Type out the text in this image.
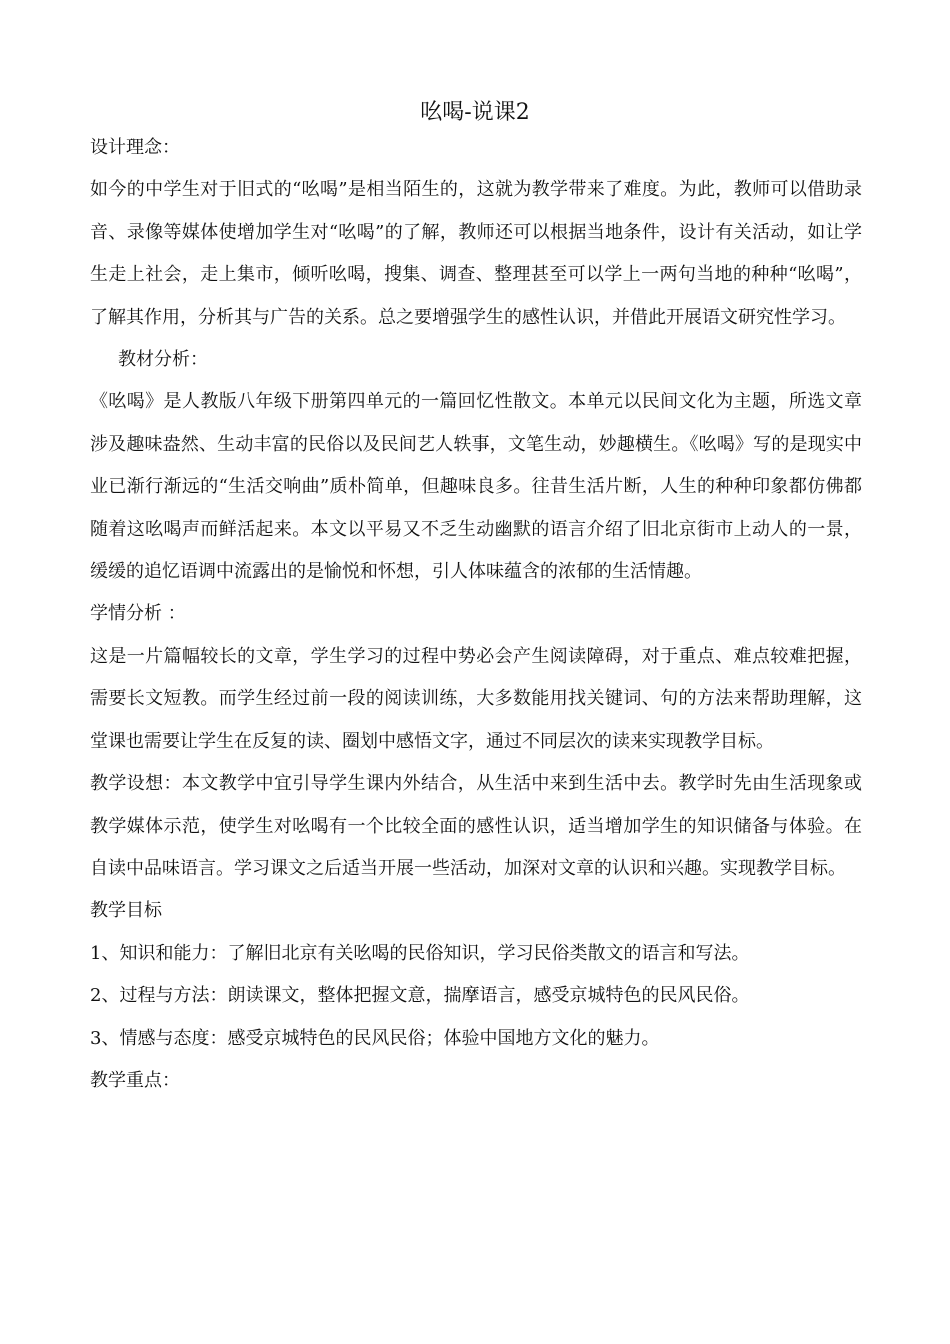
吆喝-说课2

设计理念：

如今的中学生对于旧式的“吆喝”是相当陌生的，这就为教学带来了难度。为此，教师可以借助录音、录像等媒体使增加学生对“吆喝”的了解，教师还可以根据当地条件，设计有关活动，如让学生走上社会，走上集市，倾听吆喝，搜集、调查、整理甚至可以学上一两句当地的种种“吆喝”，了解其作用，分析其与广告的关系。总之要增强学生的感性认识，并借此开展语文研究性学习。

教材分析：

《吆喝》是人教版八年级下册第四单元的一篇回忆性散文。本单元以民间文化为主题，所选文章涉及趣味盎然、生动丰富的民俗以及民间艺人轶事，文笔生动，妙趣横生。《吆喝》写的是现实中业已渐行渐远的“生活交响曲”质朴简单，但趣味良多。往昔生活片断，人生的种种印象都仿佛都随着这吆喝声而鲜活起来。本文以平易又不乏生动幽默的语言介绍了旧北京街市上动人的一景，缓缓的追忆语调中流露出的是愉悦和怀想，引人体味蕴含的浓郁的生活情趣。

学情分析 ：

这是一片篇幅较长的文章，学生学习的过程中势必会产生阅读障碍，对于重点、难点较难把握，需要长文短教。而学生经过前一段的阅读训练，大多数能用找关键词、句的方法来帮助理解，这堂课也需要让学生在反复的读、圈划中感悟文字，通过不同层次的读来实现教学目标。

教学设想：本文教学中宜引导学生课内外结合，从生活中来到生活中去。教学时先由生活现象或教学媒体示范，使学生对吆喝有一个比较全面的感性认识，适当增加学生的知识储备与体验。在自读中品味语言。学习课文之后适当开展一些活动，加深对文章的认识和兴趣。实现教学目标。

教学目标

1、知识和能力：了解旧北京有关吆喝的民俗知识，学习民俗类散文的语言和写法。

2、过程与方法：朗读课文，整体把握文意，揣摩语言，感受京城特色的民风民俗。

3、情感与态度：感受京城特色的民风民俗；体验中国地方文化的魅力。

教学重点：
